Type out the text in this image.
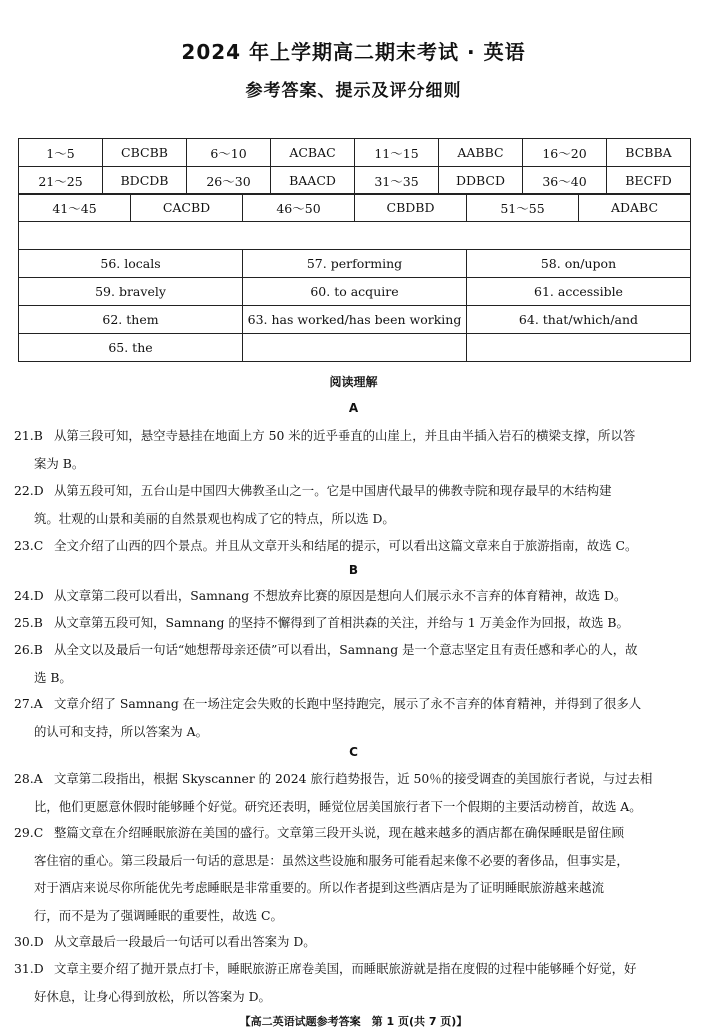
2024 年上学期高二期末考试 · 英语
参考答案、提示及评分细则
1～5	CBCBB	6～10	ACBAC	11～15	AABBC	16～20	BCBBA
21～25	BDCDB	26～30	BAACD	31～35	DDBCD	36～40	BECFD
41～45	CACBD	46～50	CBDBD	51～55	ADABC

56. locals	57. performing	58. on/upon
59. bravely	60. to acquire	61. accessible
62. them	63. has worked/has been working	64. that/which/and
65. the		
阅读理解
A
21.B 从第三段可知，悬空寺悬挂在地面上方 50 米的近乎垂直的山崖上，并且由半插入岩石的横梁支撑，所以答
案为 B。
22.D 从第五段可知，五台山是中国四大佛教圣山之一。它是中国唐代最早的佛教寺院和现存最早的木结构建
筑。壮观的山景和美丽的自然景观也构成了它的特点，所以选 D。
23.C 全文介绍了山西的四个景点。并且从文章开头和结尾的提示，可以看出这篇文章来自于旅游指南，故选 C。
B
24.D 从文章第二段可以看出，Samnang 不想放弃比赛的原因是想向人们展示永不言弃的体育精神，故选 D。
25.B 从文章第五段可知，Samnang 的坚持不懈得到了首相洪森的关注，并给与 1 万美金作为回报，故选 B。
26.B 从全文以及最后一句话“她想帮母亲还债”可以看出，Samnang 是一个意志坚定且有责任感和孝心的人，故
选 B。
27.A 文章介绍了 Samnang 在一场注定会失败的长跑中坚持跑完，展示了永不言弃的体育精神，并得到了很多人
的认可和支持，所以答案为 A。
C
28.A 文章第二段指出，根据 Skyscanner 的 2024 旅行趋势报告，近 50％的接受调查的美国旅行者说，与过去相
比，他们更愿意休假时能够睡个好觉。研究还表明，睡觉位居美国旅行者下一个假期的主要活动榜首，故选 A。
29.C 整篇文章在介绍睡眠旅游在美国的盛行。文章第三段开头说，现在越来越多的酒店都在确保睡眠是留住顾
客住宿的重心。第三段最后一句话的意思是：虽然这些设施和服务可能看起来像不必要的奢侈品，但事实是，
对于酒店来说尽你所能优先考虑睡眠是非常重要的。所以作者提到这些酒店是为了证明睡眠旅游越来越流
行，而不是为了强调睡眠的重要性，故选 C。
30.D 从文章最后一段最后一句话可以看出答案为 D。
31.D 文章主要介绍了抛开景点打卡，睡眠旅游正席卷美国，而睡眠旅游就是指在度假的过程中能够睡个好觉，好
好休息，让身心得到放松，所以答案为 D。
【高二英语试题参考答案　第 1 页(共 7 页)】
